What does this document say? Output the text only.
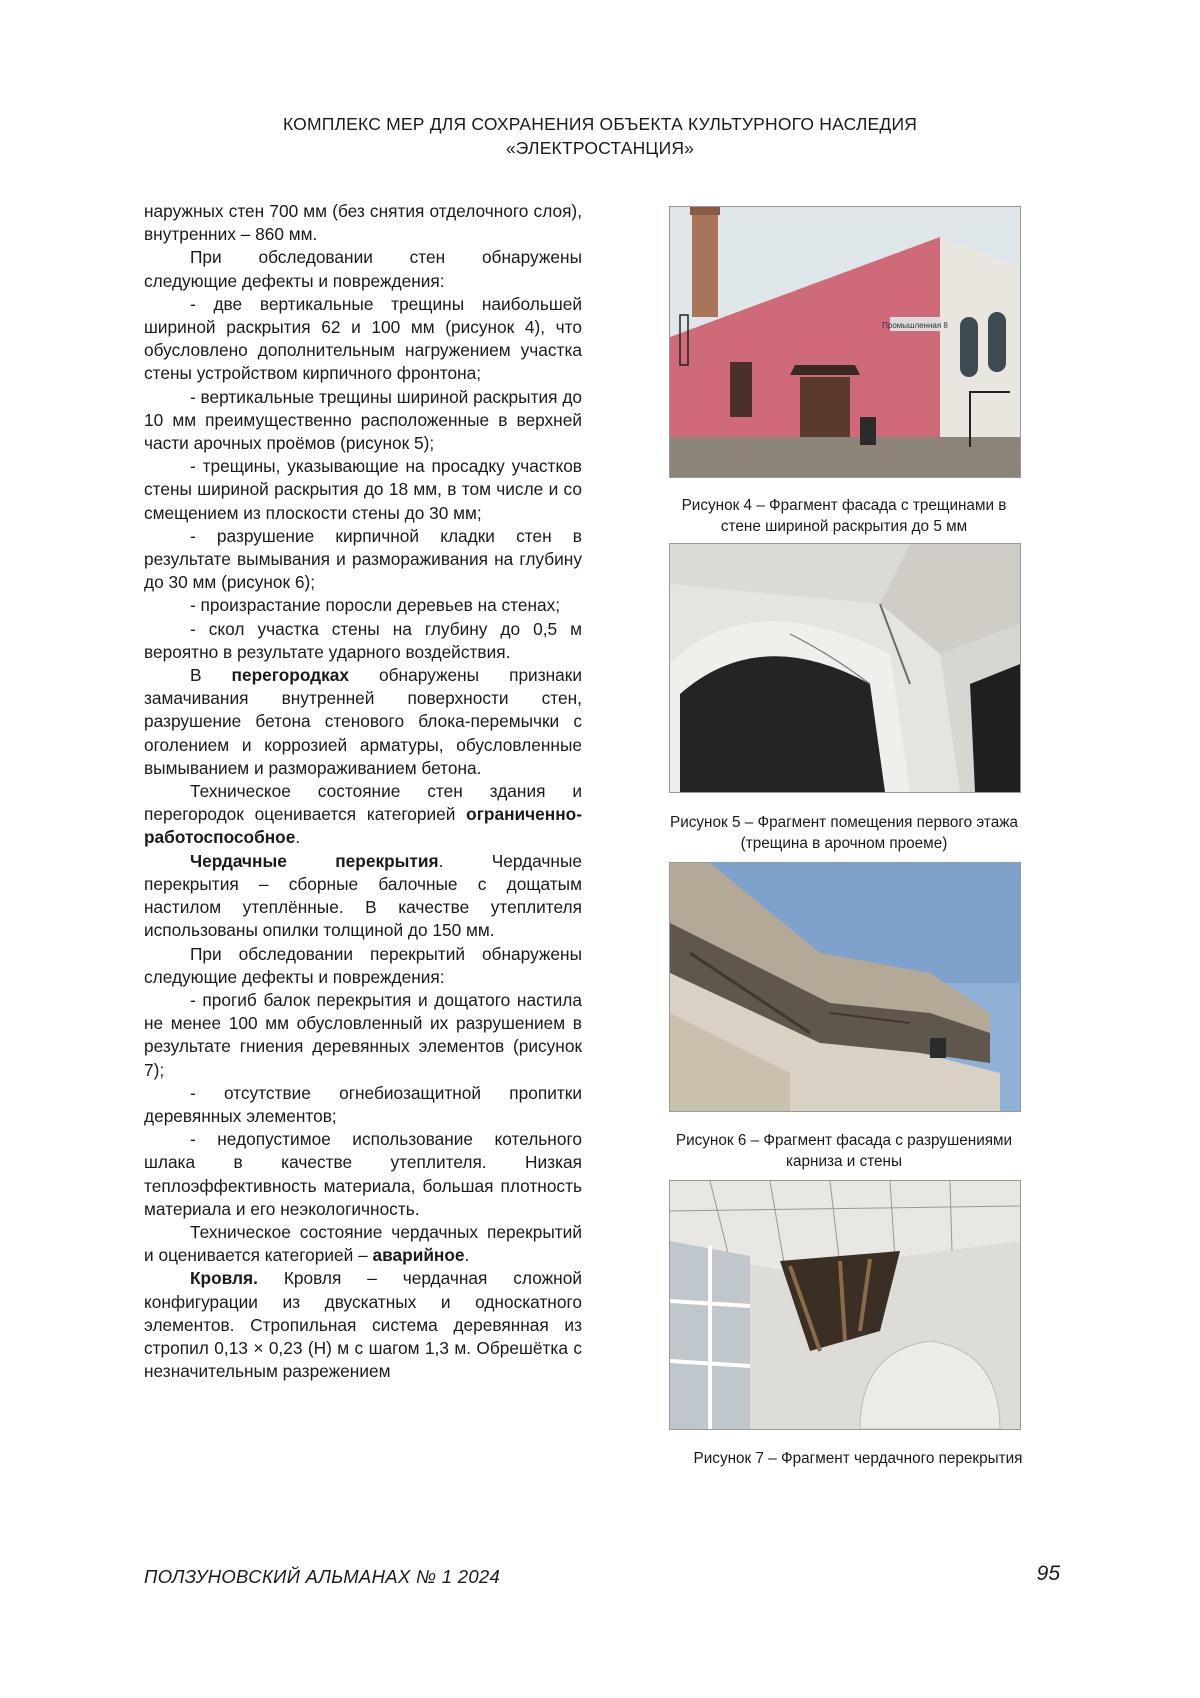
КОМПЛЕКС МЕР ДЛЯ СОХРАНЕНИЯ ОБЪЕКТА КУЛЬТУРНОГО НАСЛЕДИЯ
«ЭЛЕКТРОСТАНЦИЯ»

наружных стен 700 мм (без снятия отделочного слоя), внутренних – 860 мм.

При обследовании стен обнаружены следующие дефекты и повреждения:

- две вертикальные трещины наибольшей шириной раскрытия 62 и 100 мм (рисунок 4), что обусловлено дополнительным нагружением участка стены устройством кирпичного фронтона;

- вертикальные трещины шириной раскрытия до 10 мм преимущественно расположенные в верхней части арочных проёмов (рисунок 5);

- трещины, указывающие на просадку участков стены шириной раскрытия до 18 мм, в том числе и со смещением из плоскости стены до 30 мм;

- разрушение кирпичной кладки стен в результате вымывания и размораживания на глубину до 30 мм (рисунок 6);

- произрастание поросли деревьев на стенах;

- скол участка стены на глубину до 0,5 м вероятно в результате ударного воздействия.

В перегородках обнаружены признаки замачивания внутренней поверхности стен, разрушение бетона стенового блока-перемычки с оголением и коррозией арматуры, обусловленные вымыванием и размораживанием бетона.

Техническое состояние стен здания и перегородок оценивается категорией ограниченно-работоспособное.

Чердачные перекрытия. Чердачные перекрытия – сборные балочные с дощатым настилом утеплённые. В качестве утеплителя использованы опилки толщиной до 150 мм.

При обследовании перекрытий обнаружены следующие дефекты и повреждения:

- прогиб балок перекрытия и дощатого настила не менее 100 мм обусловленный их разрушением в результате гниения деревянных элементов (рисунок 7);

- отсутствие огнебиозащитной пропитки деревянных элементов;

- недопустимое использование котельного шлака в качестве утеплителя. Низкая теплоэффективность материала, большая плотность материала и его неэкологичность.

Техническое состояние чердачных перекрытий и оценивается категорией – аварийное.

Кровля. Кровля – чердачная сложной конфигурации из двускатных и односкатного элементов. Стропильная система деревянная из стропил 0,13 × 0,23 (Н) м с шагом 1,3 м. Обрешётка с незначительным разрежением

Промышленная 8
Рисунок 4 – Фрагмент фасада с трещинами в
стене шириной раскрытия до 5 мм
Рисунок 5 – Фрагмент помещения первого этажа
(трещина в арочном проеме)
Рисунок 6 – Фрагмент фасада с разрушениями
карниза и стены
Рисунок 7 – Фрагмент чердачного перекрытия
ПОЛЗУНОВСКИЙ АЛЬМАНАХ № 1 2024	95
